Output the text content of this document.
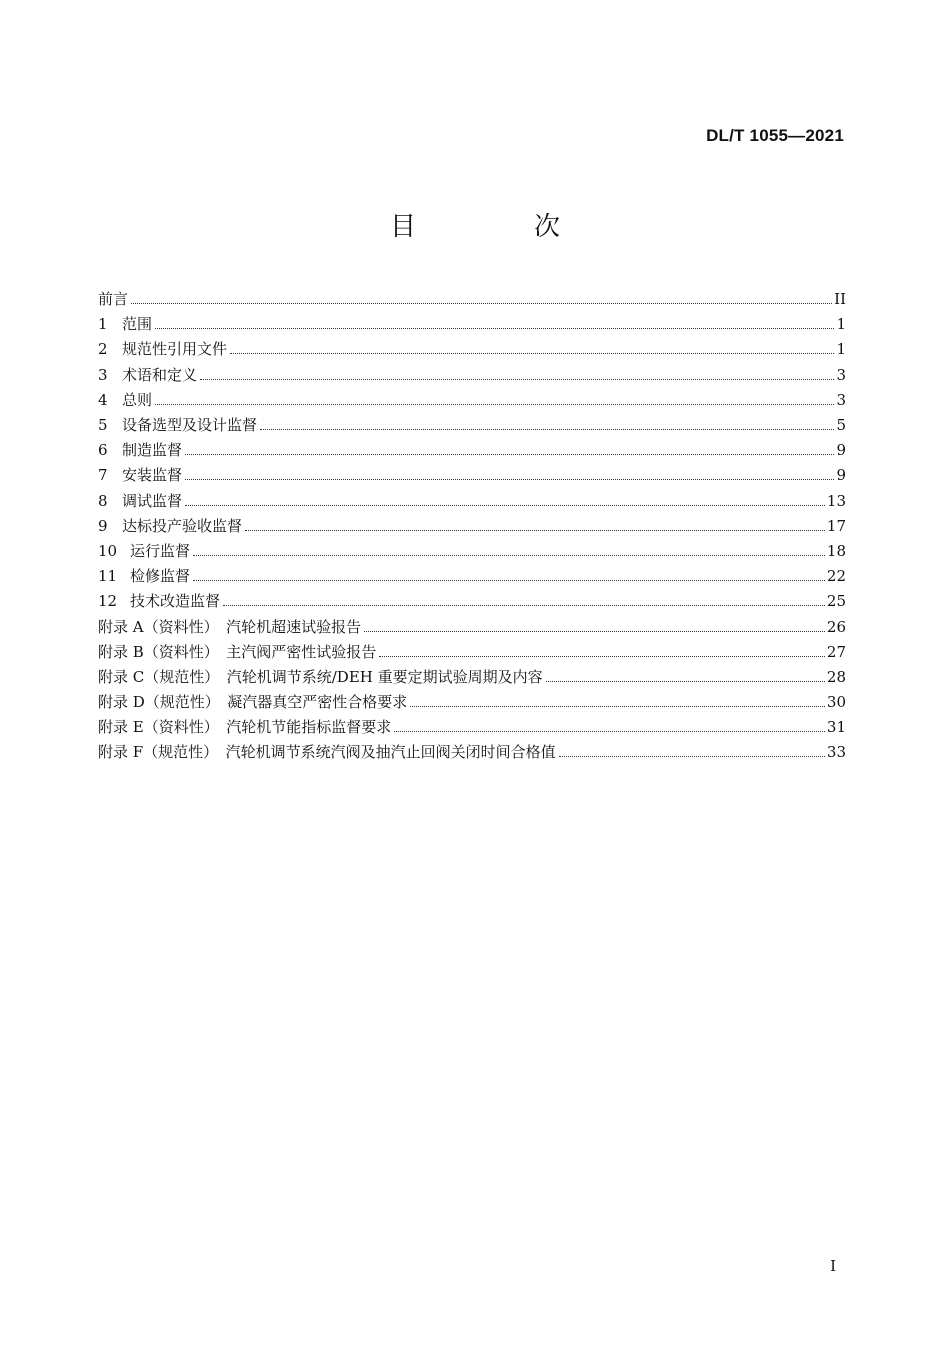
DL/T 1055—2021
目　次
前言	II
1 范围	1
2 规范性引用文件	1
3 术语和定义	3
4 总则	3
5 设备选型及设计监督	5
6 制造监督	9
7 安装监督	9
8 调试监督	13
9 达标投产验收监督	17
10 运行监督	18
11 检修监督	22
12 技术改造监督	25
附录 A（资料性）　汽轮机超速试验报告	26
附录 B（资料性）　主汽阀严密性试验报告	27
附录 C（规范性）　汽轮机调节系统/DEH 重要定期试验周期及内容	28
附录 D（规范性）　凝汽器真空严密性合格要求	30
附录 E（资料性）　汽轮机节能指标监督要求	31
附录 F（规范性）　汽轮机调节系统汽阀及抽汽止回阀关闭时间合格值	33
I
